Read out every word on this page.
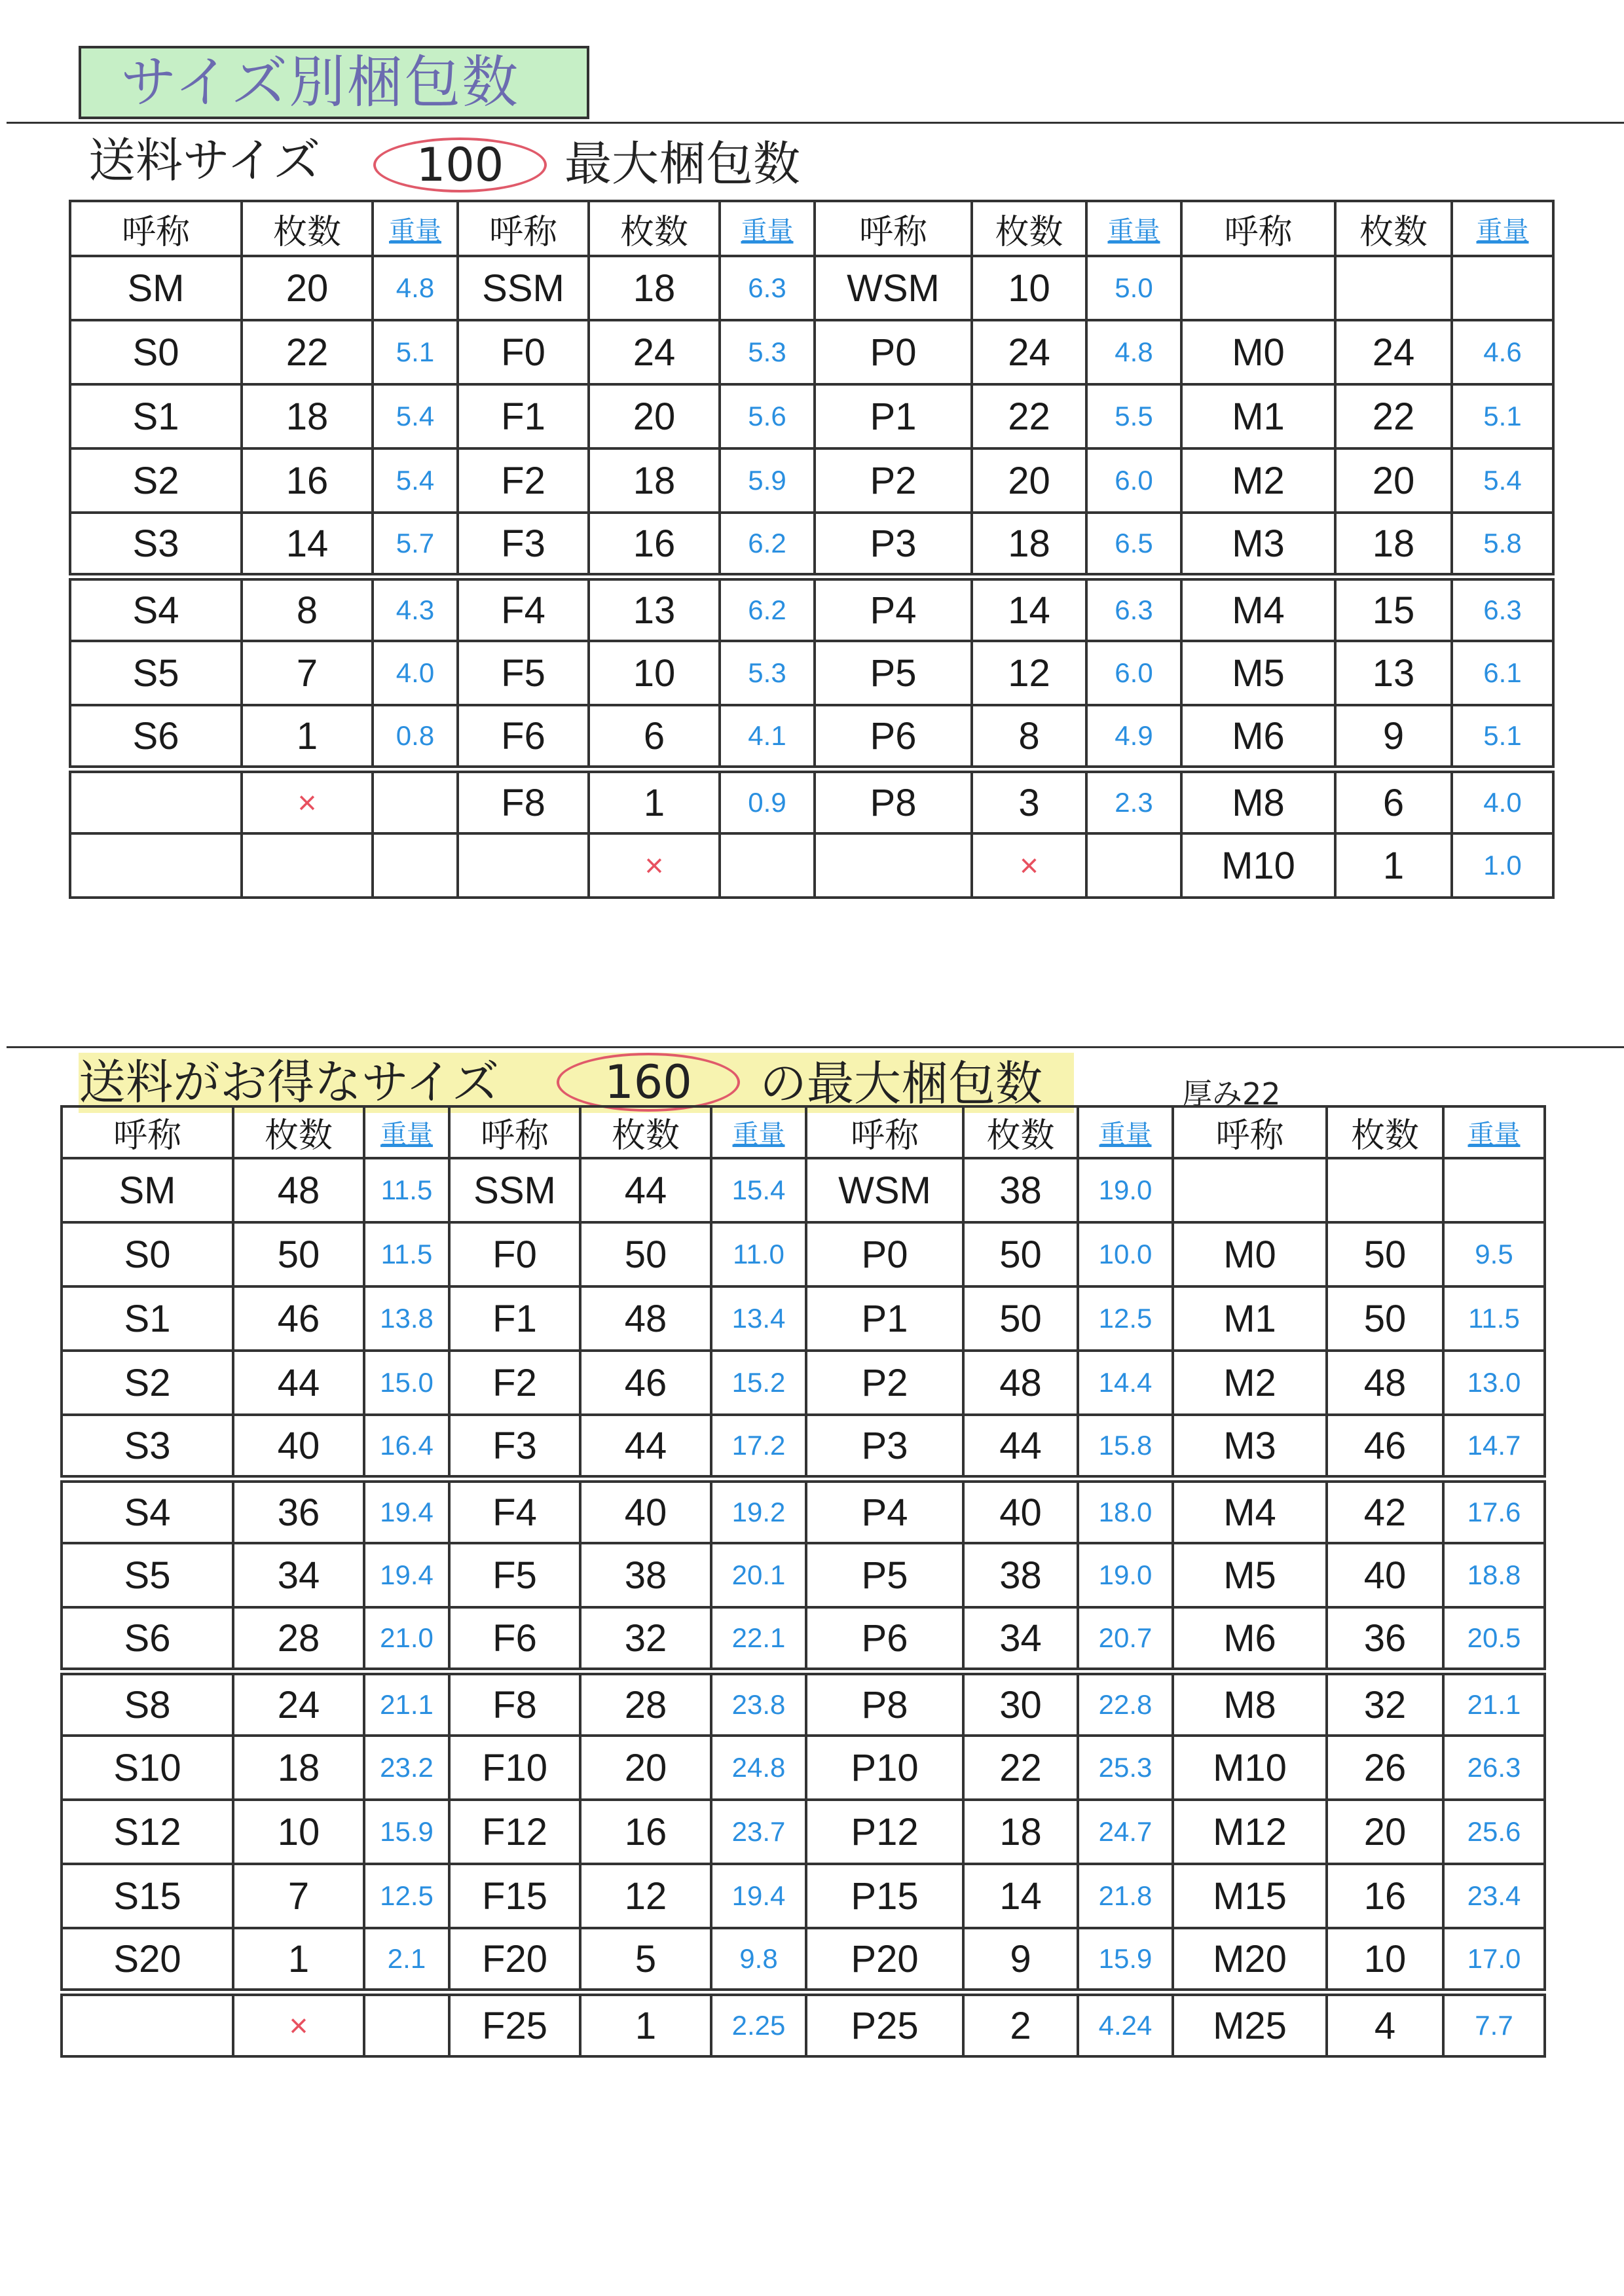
サイズ別梱包数
送料サイズ	100	最大梱包数
呼称	枚数	重量	呼称	枚数	重量	呼称	枚数	重量	呼称	枚数	重量
SM	20	4.8	SSM	18	6.3	WSM	10	5.0			
S0	22	5.1	F0	24	5.3	P0	24	4.8	M0	24	4.6
S1	18	5.4	F1	20	5.6	P1	22	5.5	M1	22	5.1
S2	16	5.4	F2	18	5.9	P2	20	6.0	M2	20	5.4
S3	14	5.7	F3	16	6.2	P3	18	6.5	M3	18	5.8
S4	8	4.3	F4	13	6.2	P4	14	6.3	M4	15	6.3
S5	7	4.0	F5	10	5.3	P5	12	6.0	M5	13	6.1
S6	1	0.8	F6	6	4.1	P6	8	4.9	M6	9	5.1
	×		F8	1	0.9	P8	3	2.3	M8	6	4.0
				×			×		M10	1	1.0
送料がお得なサイズ	160	の最大梱包数	厚み22
呼称	枚数	重量	呼称	枚数	重量	呼称	枚数	重量	呼称	枚数	重量
SM	48	11.5	SSM	44	15.4	WSM	38	19.0			
S0	50	11.5	F0	50	11.0	P0	50	10.0	M0	50	9.5
S1	46	13.8	F1	48	13.4	P1	50	12.5	M1	50	11.5
S2	44	15.0	F2	46	15.2	P2	48	14.4	M2	48	13.0
S3	40	16.4	F3	44	17.2	P3	44	15.8	M3	46	14.7
S4	36	19.4	F4	40	19.2	P4	40	18.0	M4	42	17.6
S5	34	19.4	F5	38	20.1	P5	38	19.0	M5	40	18.8
S6	28	21.0	F6	32	22.1	P6	34	20.7	M6	36	20.5
S8	24	21.1	F8	28	23.8	P8	30	22.8	M8	32	21.1
S10	18	23.2	F10	20	24.8	P10	22	25.3	M10	26	26.3
S12	10	15.9	F12	16	23.7	P12	18	24.7	M12	20	25.6
S15	7	12.5	F15	12	19.4	P15	14	21.8	M15	16	23.4
S20	1	2.1	F20	5	9.8	P20	9	15.9	M20	10	17.0
	×		F25	1	2.25	P25	2	4.24	M25	4	7.7
